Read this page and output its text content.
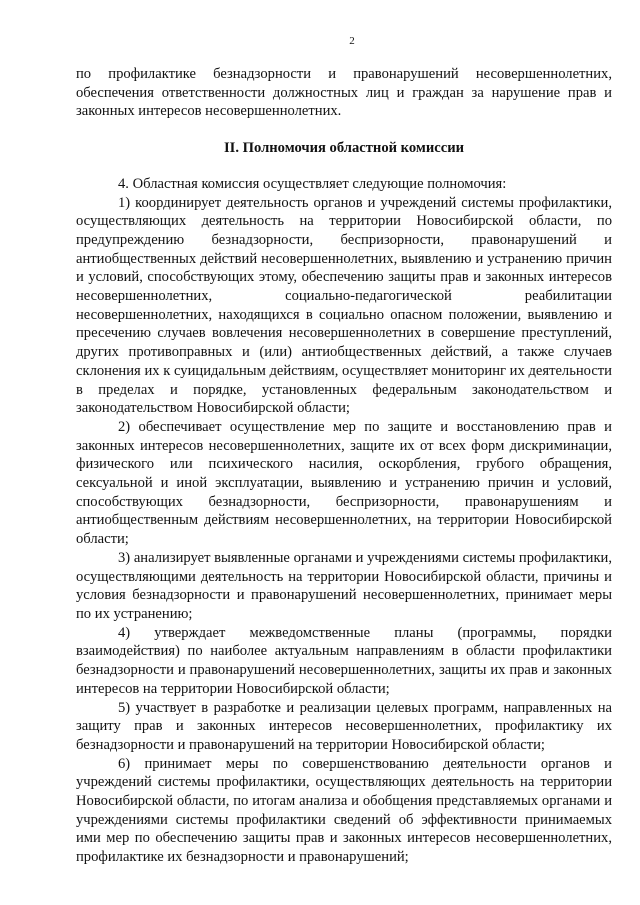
2

по профилактике безнадзорности и правонарушений несовершеннолетних, обеспечения ответственности должностных лиц и граждан за нарушение прав и законных интересов несовершеннолетних.

II. Полномочия областной комиссии

4. Областная комиссия осуществляет следующие полномочия:

1) координирует деятельность органов и учреждений системы профилактики, осуществляющих деятельность на территории Новосибирской области, по предупреждению безнадзорности, беспризорности, правонарушений и антиобщественных действий несовершеннолетних, выявлению и устранению причин и условий, способствующих этому, обеспечению защиты прав и законных интересов несовершеннолетних, социально-педагогической реабилитации несовершеннолетних, находящихся в социально опасном положении, выявлению и пресечению случаев вовлечения несовершеннолетних в совершение преступлений, других противоправных и (или) антиобщественных действий, а также случаев склонения их к суицидальным действиям, осуществляет мониторинг их деятельности в пределах и порядке, установленных федеральным законодательством и законодательством Новосибирской области;

2) обеспечивает осуществление мер по защите и восстановлению прав и законных интересов несовершеннолетних, защите их от всех форм дискриминации, физического или психического насилия, оскорбления, грубого обращения, сексуальной и иной эксплуатации, выявлению и устранению причин и условий, способствующих безнадзорности, беспризорности, правонарушениям и антиобщественным действиям несовершеннолетних, на территории Новосибирской области;

3) анализирует выявленные органами и учреждениями системы профилактики, осуществляющими деятельность на территории Новосибирской области, причины и условия безнадзорности и правонарушений несовершеннолетних, принимает меры по их устранению;

4) утверждает межведомственные планы (программы, порядки взаимодействия) по наиболее актуальным направлениям в области профилактики безнадзорности и правонарушений несовершеннолетних, защиты их прав и законных интересов на территории Новосибирской области;

5) участвует в разработке и реализации целевых программ, направленных на защиту прав и законных интересов несовершеннолетних, профилактику их безнадзорности и правонарушений на территории Новосибирской области;

6) принимает меры по совершенствованию деятельности органов и учреждений системы профилактики, осуществляющих деятельность на территории Новосибирской области, по итогам анализа и обобщения представляемых органами и учреждениями системы профилактики сведений об эффективности принимаемых ими мер по обеспечению защиты прав и законных интересов несовершеннолетних, профилактике их безнадзорности и правонарушений;
